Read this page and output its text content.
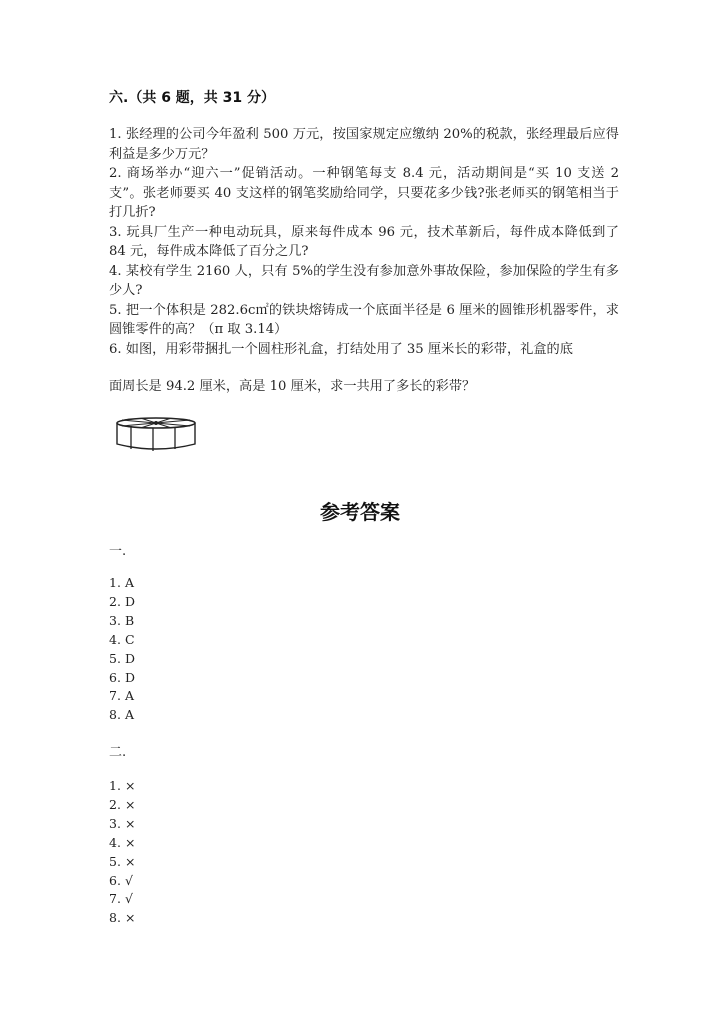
六.（共 6 题，共 31 分）

1. 张经理的公司今年盈利 500 万元，按国家规定应缴纳 20%的税款，张经理最后应得利益是多少万元？

2. 商场举办“迎六一”促销活动。一种钢笔每支 8.4 元，活动期间是“买 10 支送 2 支”。张老师要买 40 支这样的钢笔奖励给同学，只要花多少钱?张老师买的钢笔相当于打几折?

3. 玩具厂生产一种电动玩具，原来每件成本 96 元，技术革新后，每件成本降低到了 84 元，每件成本降低了百分之几?

4. 某校有学生 2160 人，只有 5%的学生没有参加意外事故保险，参加保险的学生有多少人?

5. 把一个体积是 282.6c㎡的铁块熔铸成一个底面半径是 6 厘米的圆锥形机器零件，求圆锥零件的高？（π 取 3.14）

6. 如图，用彩带捆扎一个圆柱形礼盒，打结处用了 35 厘米长的彩带，礼盒的底

面周长是 94.2 厘米，高是 10 厘米，求一共用了多长的彩带？

参考答案
一.
1. A
2. D
3. B
4. C
5. D
6. D
7. A
8. A
二.
1. ×
2. ×
3. ×
4. ×
5. ×
6. √
7. √
8. ×
